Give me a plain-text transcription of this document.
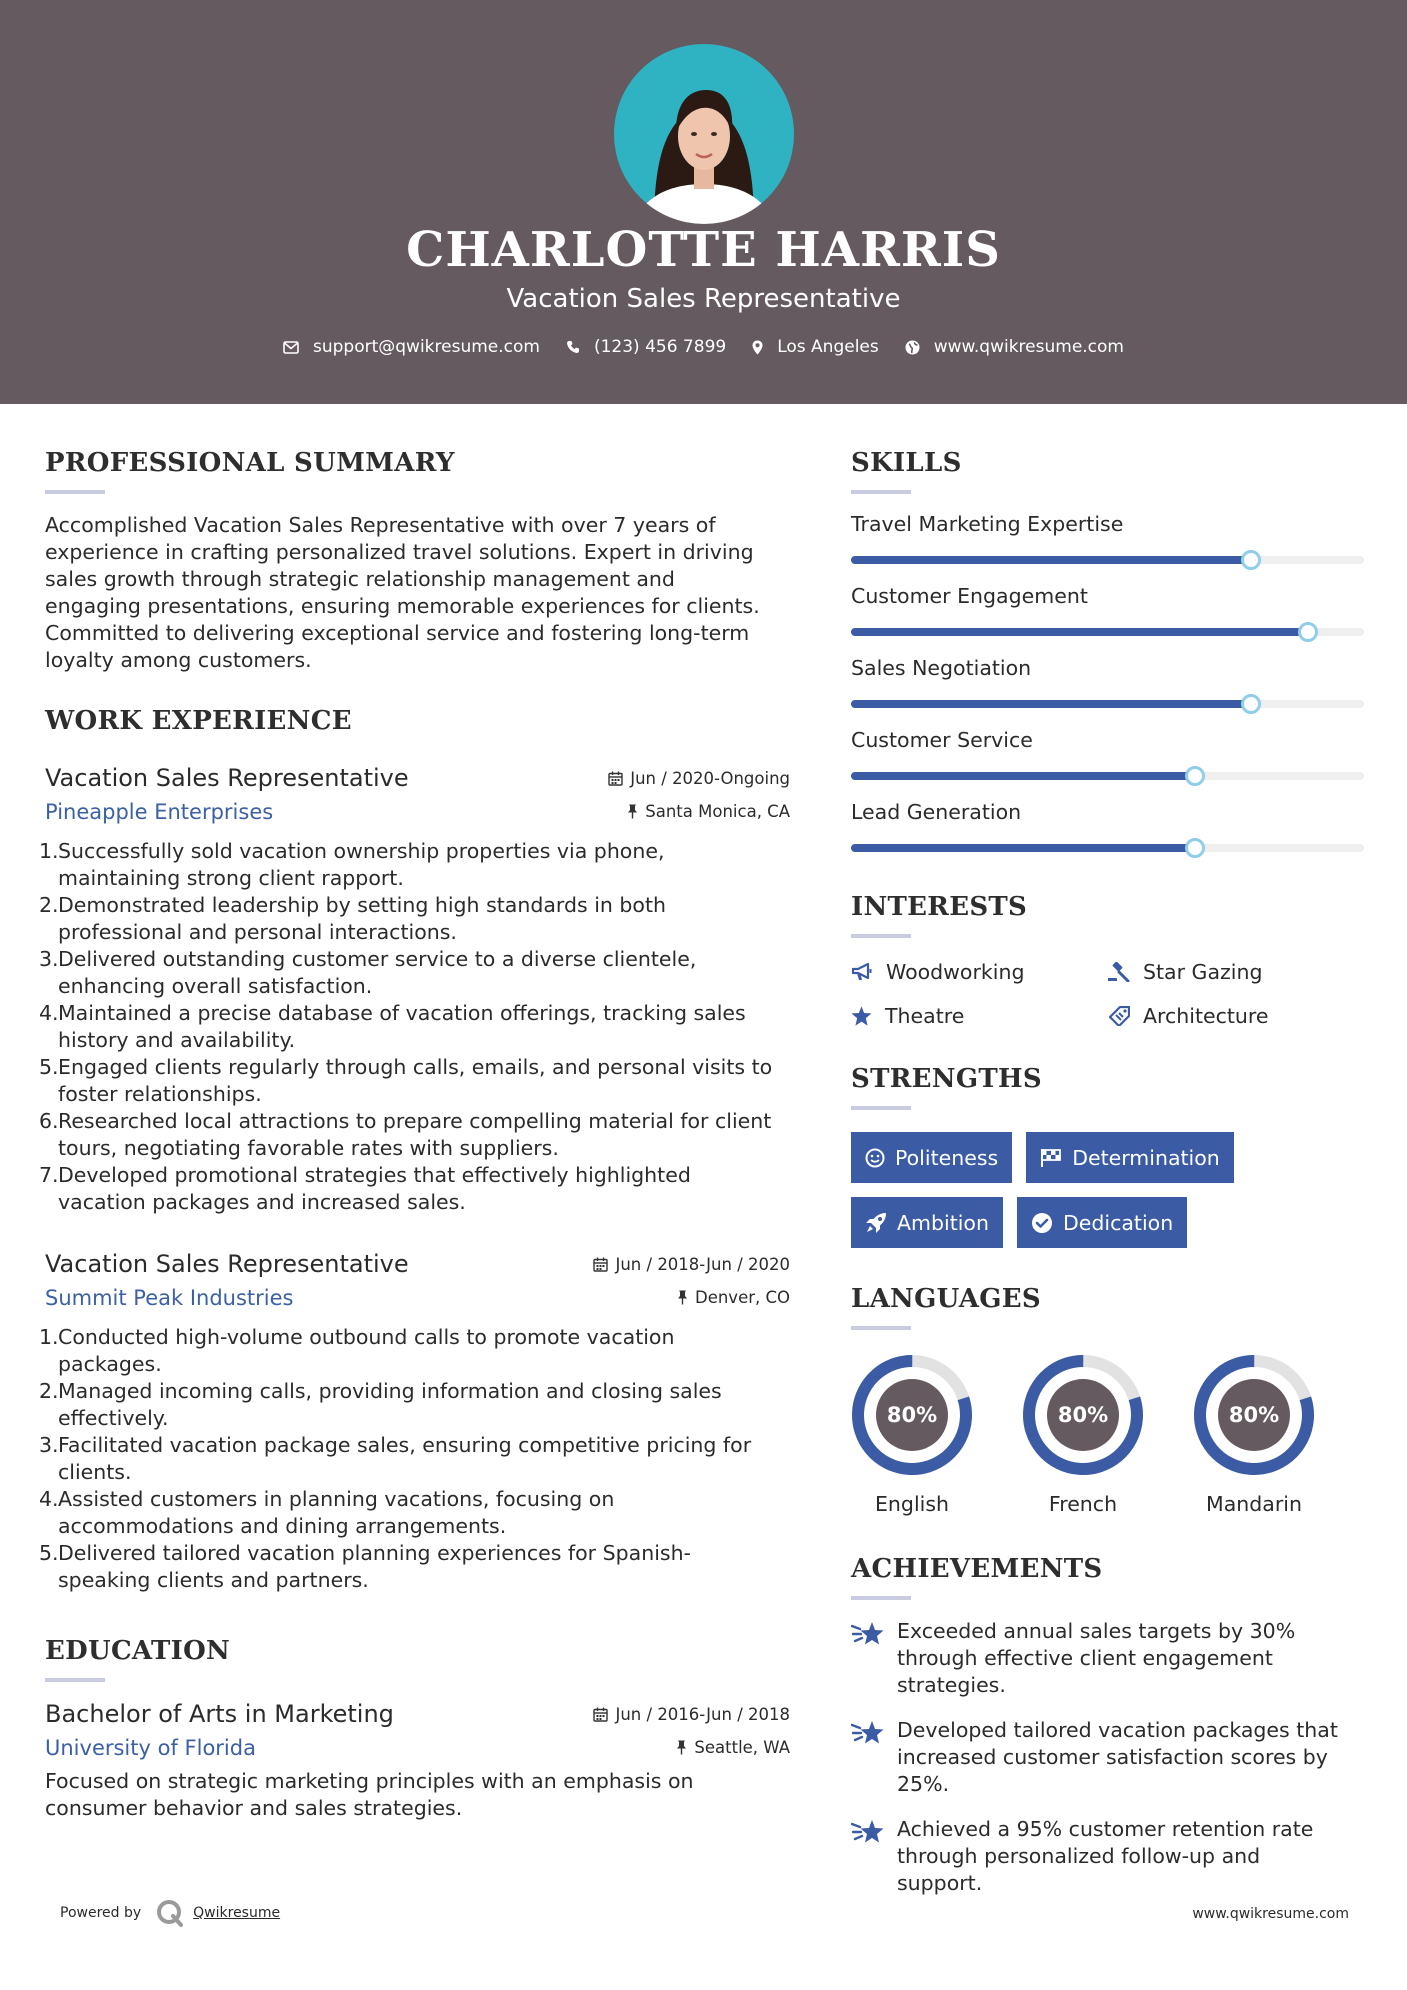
CHARLOTTE HARRIS
Vacation Sales Representative
support@qwikresume.com	(123) 456 7899	Los Angeles	www.qwikresume.com
PROFESSIONAL SUMMARY
Accomplished Vacation Sales Representative with over 7 years of
experience in crafting personalized travel solutions. Expert in driving
sales growth through strategic relationship management and
engaging presentations, ensuring memorable experiences for clients.
Committed to delivering exceptional service and fostering long-term
loyalty among customers.
WORK EXPERIENCE
Vacation Sales Representative	Jun / 2020-Ongoing
Pineapple Enterprises	Santa Monica, CA
1. Successfully sold vacation ownership properties via phone,
maintaining strong client rapport.
2. Demonstrated leadership by setting high standards in both
professional and personal interactions.
3. Delivered outstanding customer service to a diverse clientele,
enhancing overall satisfaction.
4. Maintained a precise database of vacation offerings, tracking sales
history and availability.
5. Engaged clients regularly through calls, emails, and personal visits to
foster relationships.
6. Researched local attractions to prepare compelling material for client
tours, negotiating favorable rates with suppliers.
7. Developed promotional strategies that effectively highlighted
vacation packages and increased sales.
Vacation Sales Representative	Jun / 2018-Jun / 2020
Summit Peak Industries	Denver, CO
1. Conducted high-volume outbound calls to promote vacation
packages.
2. Managed incoming calls, providing information and closing sales
effectively.
3. Facilitated vacation package sales, ensuring competitive pricing for
clients.
4. Assisted customers in planning vacations, focusing on
accommodations and dining arrangements.
5. Delivered tailored vacation planning experiences for Spanish-
speaking clients and partners.
EDUCATION
Bachelor of Arts in Marketing	Jun / 2016-Jun / 2018
University of Florida	Seattle, WA
Focused on strategic marketing principles with an emphasis on
consumer behavior and sales strategies.
SKILLS
Travel Marketing Expertise
Customer Engagement
Sales Negotiation
Customer Service
Lead Generation
INTERESTS
Woodworking	Star Gazing
Theatre	Architecture
STRENGTHS
Politeness	Determination
Ambition	Dedication
LANGUAGES
80%
English
80%
French
80%
Mandarin
ACHIEVEMENTS
Exceeded annual sales targets by 30%
through effective client engagement
strategies.
Developed tailored vacation packages that
increased customer satisfaction scores by
25%.
Achieved a 95% customer retention rate
through personalized follow-up and
support.
Powered by	Qwikresume	www.qwikresume.com
